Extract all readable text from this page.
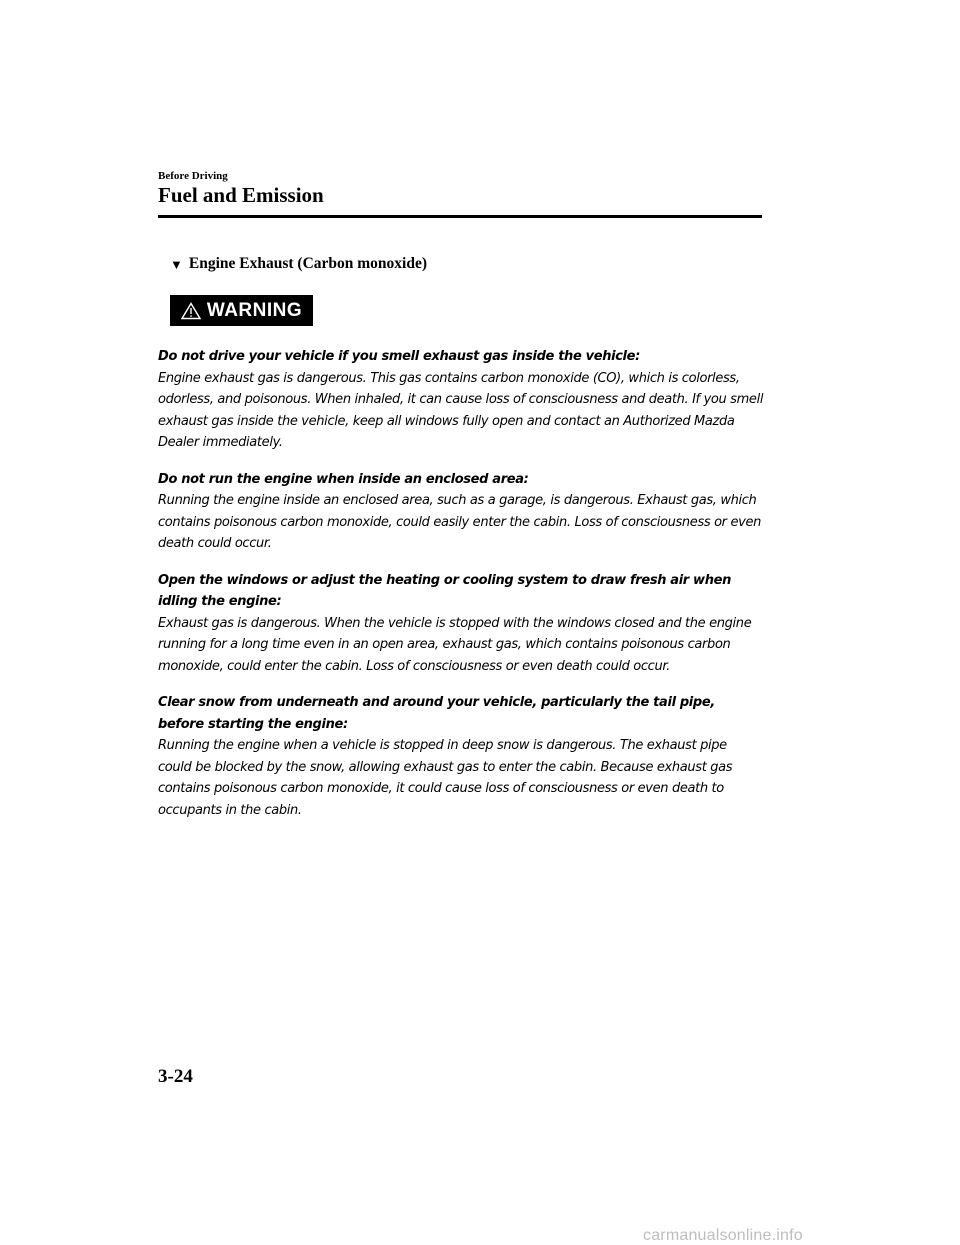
Before Driving
Fuel and Emission
▼ Engine Exhaust (Carbon monoxide)
WARNING

Do not drive your vehicle if you smell exhaust gas inside the vehicle:
Engine exhaust gas is dangerous. This gas contains carbon monoxide (CO), which is colorless, odorless, and poisonous. When inhaled, it can cause loss of consciousness and death. If you smell exhaust gas inside the vehicle, keep all windows fully open and contact an Authorized Mazda Dealer immediately.

Do not run the engine when inside an enclosed area:
Running the engine inside an enclosed area, such as a garage, is dangerous. Exhaust gas, which contains poisonous carbon monoxide, could easily enter the cabin. Loss of consciousness or even death could occur.

Open the windows or adjust the heating or cooling system to draw fresh air when idling the engine:
Exhaust gas is dangerous. When the vehicle is stopped with the windows closed and the engine running for a long time even in an open area, exhaust gas, which contains poisonous carbon monoxide, could enter the cabin. Loss of consciousness or even death could occur.

Clear snow from underneath and around your vehicle, particularly the tail pipe, before starting the engine:
Running the engine when a vehicle is stopped in deep snow is dangerous. The exhaust pipe could be blocked by the snow, allowing exhaust gas to enter the cabin. Because exhaust gas contains poisonous carbon monoxide, it could cause loss of consciousness or even death to occupants in the cabin.

3-24
carmanualsonline.info
